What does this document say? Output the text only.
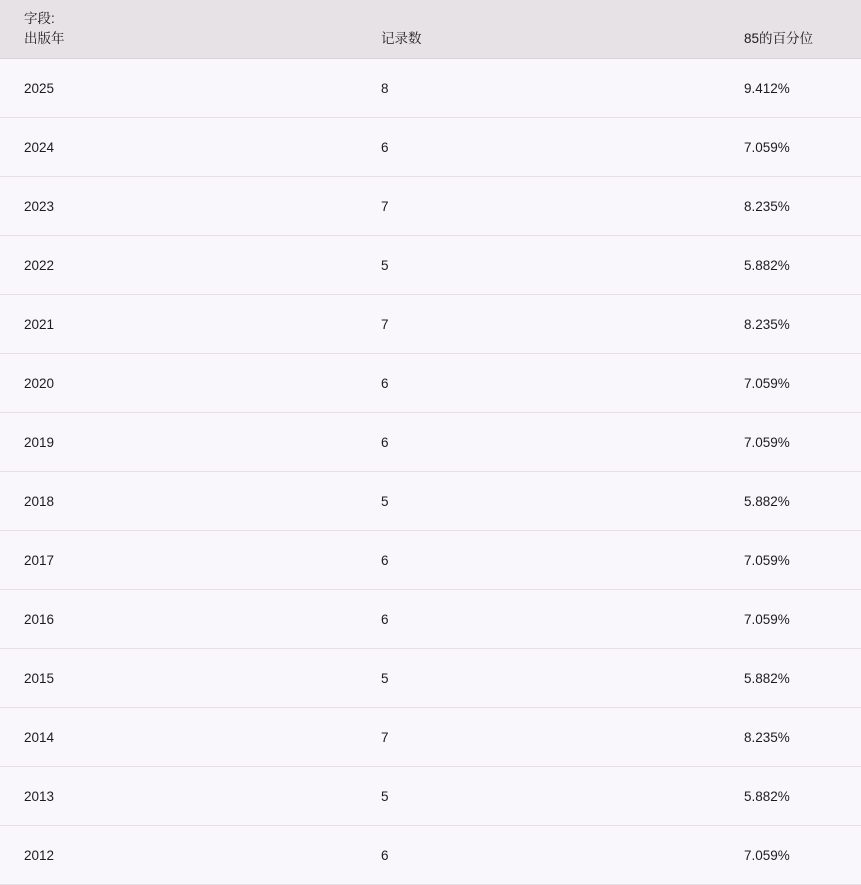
字段:
出版年	记录数	85的百分位

2025	8	9.412%
2024	6	7.059%
2023	7	8.235%
2022	5	5.882%
2021	7	8.235%
2020	6	7.059%
2019	6	7.059%
2018	5	5.882%
2017	6	7.059%
2016	6	7.059%
2015	5	5.882%
2014	7	8.235%
2013	5	5.882%
2012	6	7.059%
